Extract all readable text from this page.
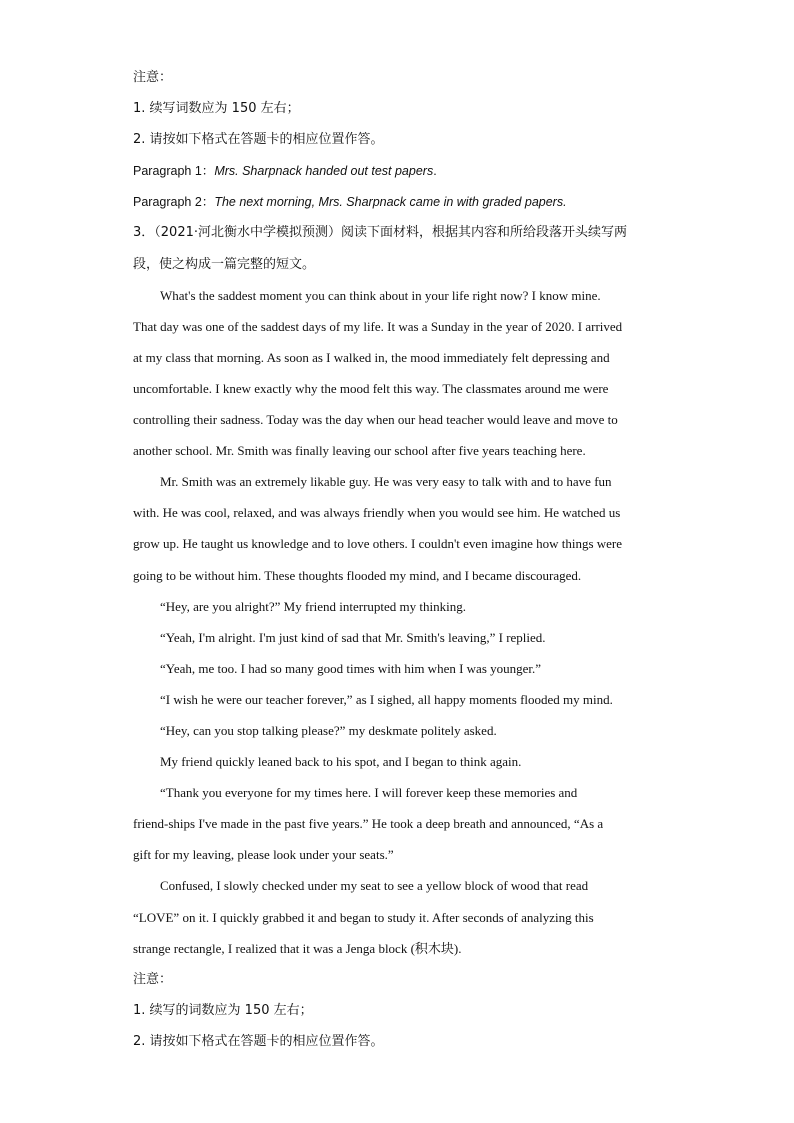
注意：
1. 续写词数应为 150 左右；
2. 请按如下格式在答题卡的相应位置作答。
Paragraph 1：Mrs. Sharpnack handed out test papers.
Paragraph 2：The next morning, Mrs. Sharpnack came in with graded papers.
3．（2021·河北衡水中学模拟预测）阅读下面材料，根据其内容和所给段落开头续写两
段，使之构成一篇完整的短文。
What's the saddest moment you can think about in your life right now? I know mine.
That day was one of the saddest days of my life. It was a Sunday in the year of 2020. I arrived
at my class that morning. As soon as I walked in, the mood immediately felt depressing and
uncomfortable. I knew exactly why the mood felt this way. The classmates around me were
controlling their sadness. Today was the day when our head teacher would leave and move to
another school. Mr. Smith was finally leaving our school after five years teaching here.
Mr. Smith was an extremely likable guy. He was very easy to talk with and to have fun
with. He was cool, relaxed, and was always friendly when you would see him. He watched us
grow up. He taught us knowledge and to love others. I couldn't even imagine how things were
going to be without him. These thoughts flooded my mind, and I became discouraged.
“Hey, are you alright?” My friend interrupted my thinking.
“Yeah, I'm alright. I'm just kind of sad that Mr. Smith's leaving,” I replied.
“Yeah, me too. I had so many good times with him when I was younger.”
“I wish he were our teacher forever,” as I sighed, all happy moments flooded my mind.
“Hey, can you stop talking please?” my deskmate politely asked.
My friend quickly leaned back to his spot, and I began to think again.
“Thank you everyone for my times here. I will forever keep these memories and
friend-ships I've made in the past five years.” He took a deep breath and announced, “As a
gift for my leaving, please look under your seats.”
Confused, I slowly checked under my seat to see a yellow block of wood that read
“LOVE” on it. I quickly grabbed it and began to study it. After seconds of analyzing this
strange rectangle, I realized that it was a Jenga block (积木块).
注意：
1. 续写的词数应为 150 左右；
2. 请按如下格式在答题卡的相应位置作答。
